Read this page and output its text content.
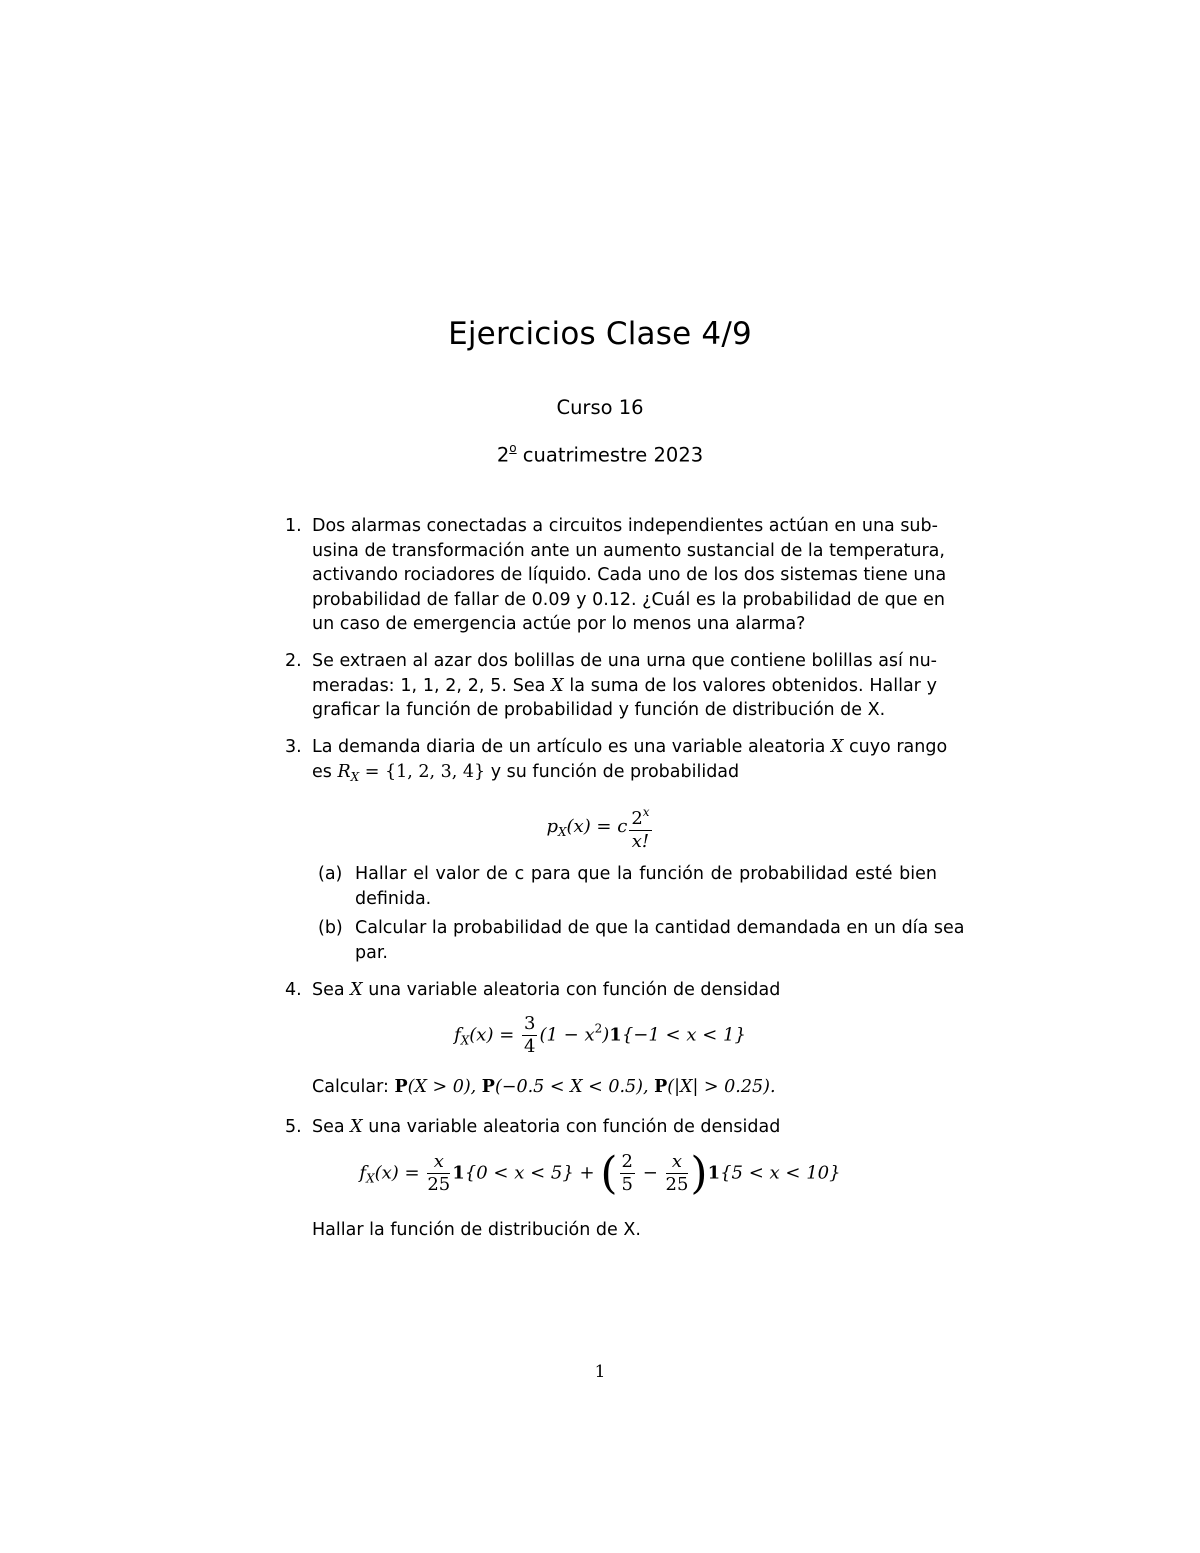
Ejercicios Clase 4/9
Curso 16
2$^o$ cuatrimestre 2023
1. Dos alarmas conectadas a circuitos independientes actúan en una sub-
usina de transformación ante un aumento sustancial de la temperatura,
activando rociadores de líquido. Cada uno de los dos sistemas tiene una
probabilidad de fallar de 0.09 y 0.12. ¿Cuál es la probabilidad de que en
un caso de emergencia actúe por lo menos una alarma?
2. Se extraen al azar dos bolillas de una urna que contiene bolillas así nu-
meradas: 1, 1, 2, 2, 5. Sea X la suma de los valores obtenidos. Hallar y
graficar la función de probabilidad y función de distribución de X.
3. La demanda diaria de un artículo es una variable aleatoria X cuyo rango
es $R_X = \{1$, 2, 3, 4} y su función de probabilidad
$p_X(x) = c \frac{2^x}{x!}$
(a) Hallar el valor de c para que la función de probabilidad esté bien
definida.
(b) Calcular la probabilidad de que la cantidad demandada en un día sea
par.
4. Sea X una variable aleatoria con función de densidad
$f_X(x) = \frac{3}{4} (1 - x^2)1\{-1 < x < 1\}$
Calcular: P(X > 0), P(−0.5 < X < 0.5), P(|X| > 0.25).
5. Sea X una variable aleatoria con función de densidad
$f_X(x) = \frac{x}{25} 1\{0 < x < 5\}$ + ( $\frac{2}{5} - \frac{x}{25} )1\{5 < x < 10\}$
Hallar la función de distribución de X.
1
